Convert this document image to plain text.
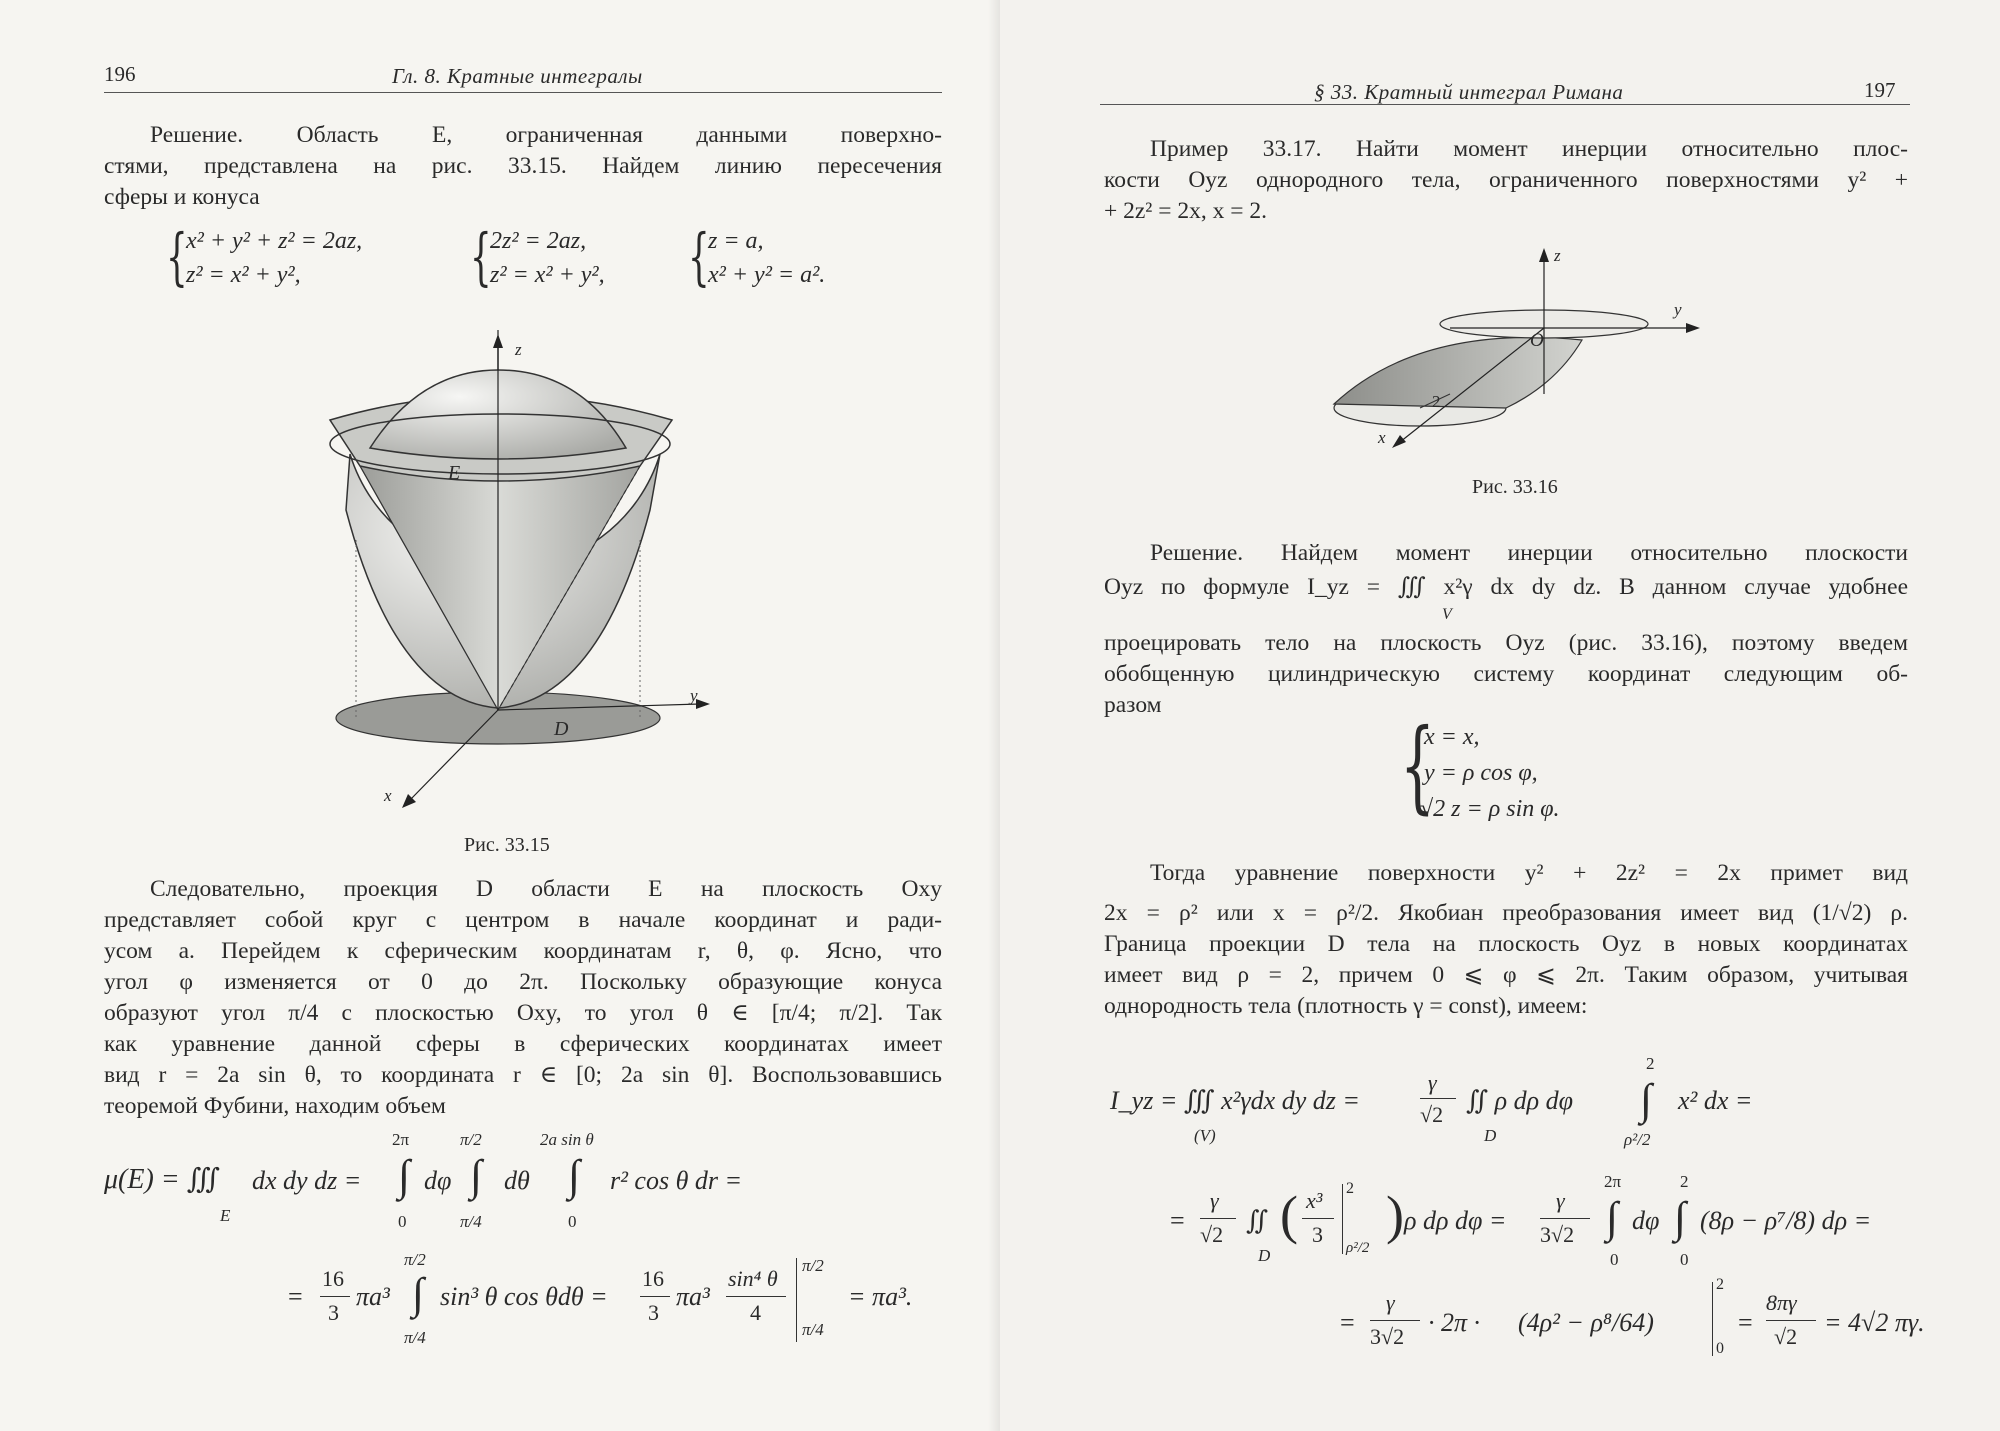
196	Гл. 8. Кратные интегралы
Решение. Область E, ограниченная данными поверхно-
стями, представлена на рис. 33.15. Найдем линию пересечения
сферы и конуса
{
x² + y² + z² = 2az,
z² = x² + y²,	{
2z² = 2az,
z² = x² + y², {
z = a,
x² + y² = a².
z
y
x
E
D
Рис. 33.15
Следовательно, проекция D области E на плоскость Oxy
представляет собой круг с центром в начале координат и ради-
усом a. Перейдем к сферическим координатам r, θ, φ. Ясно, что
угол φ изменяется от 0 до 2π. Поскольку образующие конуса
образуют угол π/4 с плоскостью Oxy, то угол θ ∈ [π/4; π/2]. Так
как уравнение данной сферы в сферических координатах имеет
вид r = 2a sin θ, то координата r ∈ [0; 2a sin θ]. Воспользовавшись
теоремой Фубини, находим объем
μ(E) = ∭
E
dx dy dz =
2π
∫
0
dφ
π/2
∫
π/4
dθ
2a sin θ
∫
0
r² cos θ dr =
=
16
3
πa³
π/2
∫
π/4
sin³ θ cos θdθ =
16
3
πa³
sin⁴ θ
4
π/2
π/4
= πa³.
§ 33. Кратный интеграл Римана	197
Пример 33.17. Найти момент инерции относительно плос-
кости Oyz однородного тела, ограниченного поверхностями y² +
+ 2z² = 2x, x = 2.
z
y
x
O
2
Рис. 33.16
Решение. Найдем момент инерции относительно плоскости
Oyz по формуле I_yz = ∭ x²γ dx dy dz. В данном случае удобнее
V
проецировать тело на плоскость Oyz (рис. 33.16), поэтому введем
обобщенную цилиндрическую систему координат следующим об-
разом
{
x = x,
y = ρ cos φ,
√2 z = ρ sin φ.
Тогда уравнение поверхности y² + 2z² = 2x примет вид
2x = ρ² или x = ρ²/2. Якобиан преобразования имеет вид (1/√2) ρ.
Граница проекции D тела на плоскость Oyz в новых координатах
имеет вид ρ = 2, причем 0 ⩽ φ ⩽ 2π. Таким образом, учитывая
однородность тела (плотность γ = const), имеем:
I_yz = ∭ x²γdx dy dz =
(V)
γ
√2 ∬ ρ dρ dφ
D
2
∫
ρ²/2
x² dx =
=
γ
√2 ∬
D
( x³
3
2
ρ²/2
) ρ dρ dφ =
γ
3√2
2π
∫
0
dφ
2
∫
0
(8ρ − ρ⁷/8) dρ =
=
γ
3√2 · 2π · (4ρ² − ρ⁸/64)
2
0
=
8πγ
√2 = 4√2 πγ.
